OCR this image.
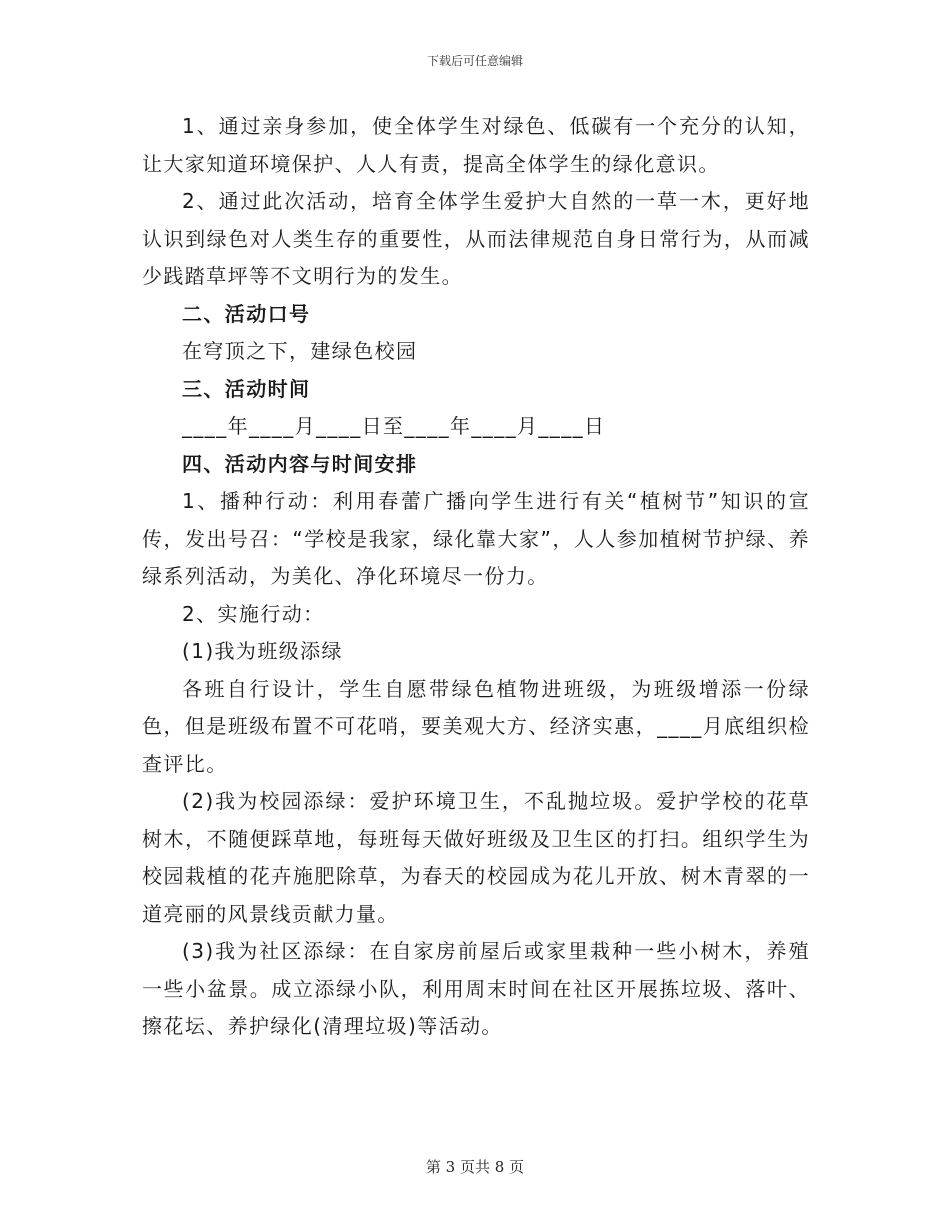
下载后可任意编辑

1、通过亲身参加，使全体学生对绿色、低碳有一个充分的认知，让大家知道环境保护、人人有责，提高全体学生的绿化意识。

2、通过此次活动，培育全体学生爱护大自然的一草一木，更好地认识到绿色对人类生存的重要性，从而法律规范自身日常行为，从而减少践踏草坪等不文明行为的发生。

二、活动口号

在穹顶之下，建绿色校园

三、活动时间

____年____月____日至____年____月____日

四、活动内容与时间安排

1、播种行动：利用春蕾广播向学生进行有关“植树节”知识的宣传，发出号召：“学校是我家，绿化靠大家”，人人参加植树节护绿、养绿系列活动，为美化、净化环境尽一份力。

2、实施行动：

(1)我为班级添绿

各班自行设计，学生自愿带绿色植物进班级，为班级增添一份绿色，但是班级布置不可花哨，要美观大方、经济实惠，____月底组织检查评比。

(2)我为校园添绿：爱护环境卫生，不乱抛垃圾。爱护学校的花草树木，不随便踩草地，每班每天做好班级及卫生区的打扫。组织学生为校园栽植的花卉施肥除草，为春天的校园成为花儿开放、树木青翠的一道亮丽的风景线贡献力量。

(3)我为社区添绿：在自家房前屋后或家里栽种一些小树木，养殖一些小盆景。成立添绿小队，利用周末时间在社区开展拣垃圾、落叶、擦花坛、养护绿化(清理垃圾)等活动。

第 3 页共 8 页
